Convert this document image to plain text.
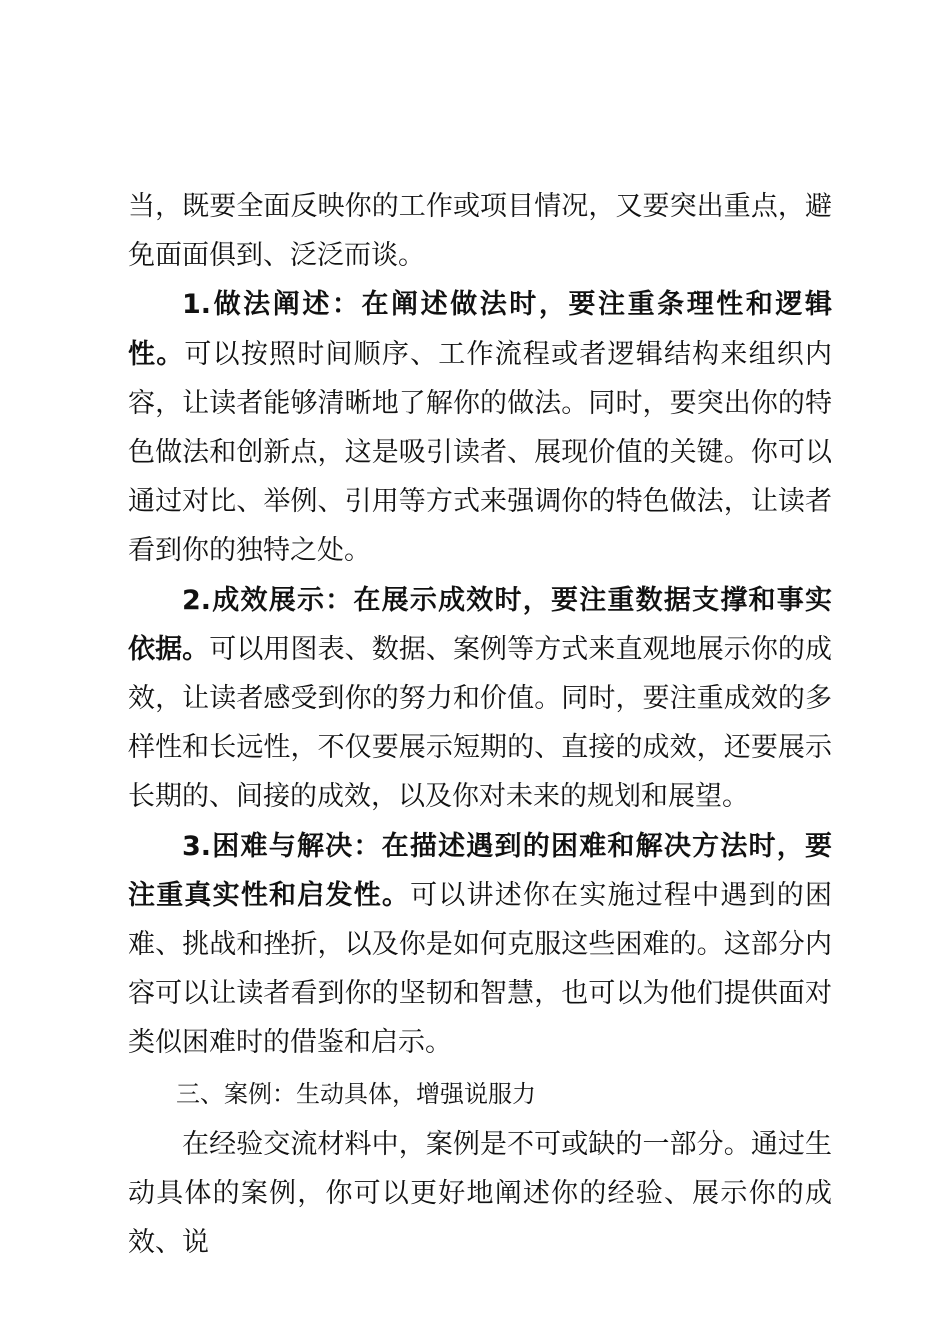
当，既要全面反映你的工作或项目情况，又要突出重点，避免面面俱到、泛泛而谈。

1.做法阐述：在阐述做法时，要注重条理性和逻辑性。可以按照时间顺序、工作流程或者逻辑结构来组织内容，让读者能够清晰地了解你的做法。同时，要突出你的特色做法和创新点，这是吸引读者、展现价值的关键。你可以通过对比、举例、引用等方式来强调你的特色做法，让读者看到你的独特之处。

2.成效展示：在展示成效时，要注重数据支撑和事实依据。可以用图表、数据、案例等方式来直观地展示你的成效，让读者感受到你的努力和价值。同时，要注重成效的多样性和长远性，不仅要展示短期的、直接的成效，还要展示长期的、间接的成效，以及你对未来的规划和展望。

3.困难与解决：在描述遇到的困难和解决方法时，要注重真实性和启发性。可以讲述你在实施过程中遇到的困难、挑战和挫折，以及你是如何克服这些困难的。这部分内容可以让读者看到你的坚韧和智慧，也可以为他们提供面对类似困难时的借鉴和启示。

三、案例：生动具体，增强说服力

在经验交流材料中，案例是不可或缺的一部分。通过生动具体的案例，你可以更好地阐述你的经验、展示你的成效、说
